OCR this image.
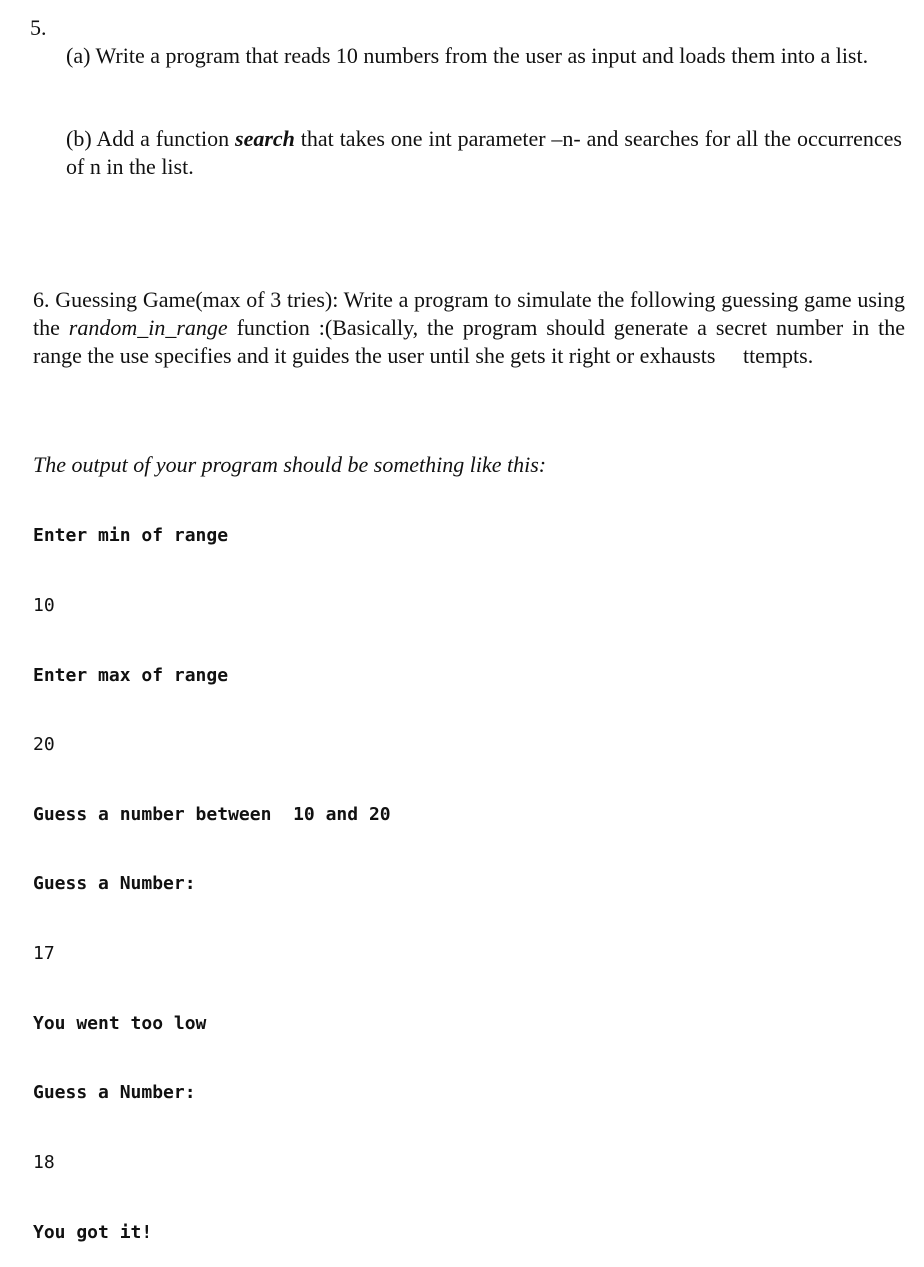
5.
(a) Write a program that reads 10 numbers from the user as input and loads them into a list.
(b) Add a function search that takes one int parameter –n- and searches for all the occurrences of n in the list.
6. Guessing Game(max of 3 tries): Write a program to simulate the following guessing game using the random_in_range function :(Basically, the program should generate a secret number in the range the use specifies and it guides the user until she gets it right or exhausts     ttempts.
The output of your program should be something like this:

Enter min of range

10

Enter max of range

20

Guess a number between  10 and 20

Guess a Number:

17

You went too low

Guess a Number:

18

You got it!
